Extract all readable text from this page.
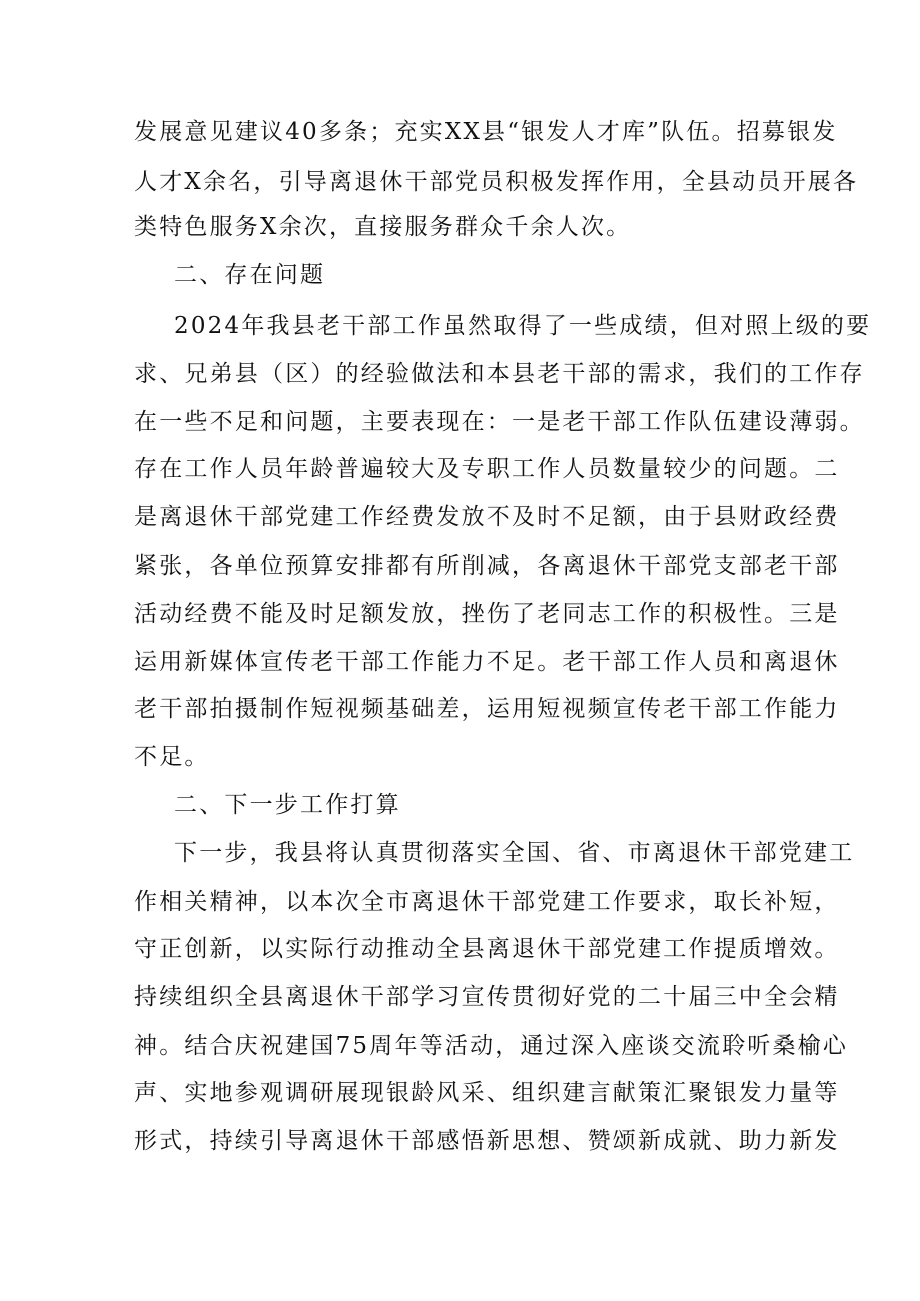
发展意见建议40多条；充实XX县“银发人才库”队伍。招募银发
人才X余名，引导离退休干部党员积极发挥作用，全县动员开展各
类特色服务X余次，直接服务群众千余人次。
二、存在问题
2024年我县老干部工作虽然取得了一些成绩，但对照上级的要
求、兄弟县（区）的经验做法和本县老干部的需求，我们的工作存
在一些不足和问题，主要表现在：一是老干部工作队伍建设薄弱。
存在工作人员年龄普遍较大及专职工作人员数量较少的问题。二
是离退休干部党建工作经费发放不及时不足额，由于县财政经费
紧张，各单位预算安排都有所削减，各离退休干部党支部老干部
活动经费不能及时足额发放，挫伤了老同志工作的积极性。三是
运用新媒体宣传老干部工作能力不足。老干部工作人员和离退休
老干部拍摄制作短视频基础差，运用短视频宣传老干部工作能力
不足。
二、下一步工作打算
下一步，我县将认真贯彻落实全国、省、市离退休干部党建工
作相关精神，以本次全市离退休干部党建工作要求，取长补短，
守正创新，以实际行动推动全县离退休干部党建工作提质增效。
持续组织全县离退休干部学习宣传贯彻好党的二十届三中全会精
神。结合庆祝建国75周年等活动，通过深入座谈交流聆听桑榆心
声、实地参观调研展现银龄风采、组织建言献策汇聚银发力量等
形式，持续引导离退休干部感悟新思想、赞颂新成就、助力新发
